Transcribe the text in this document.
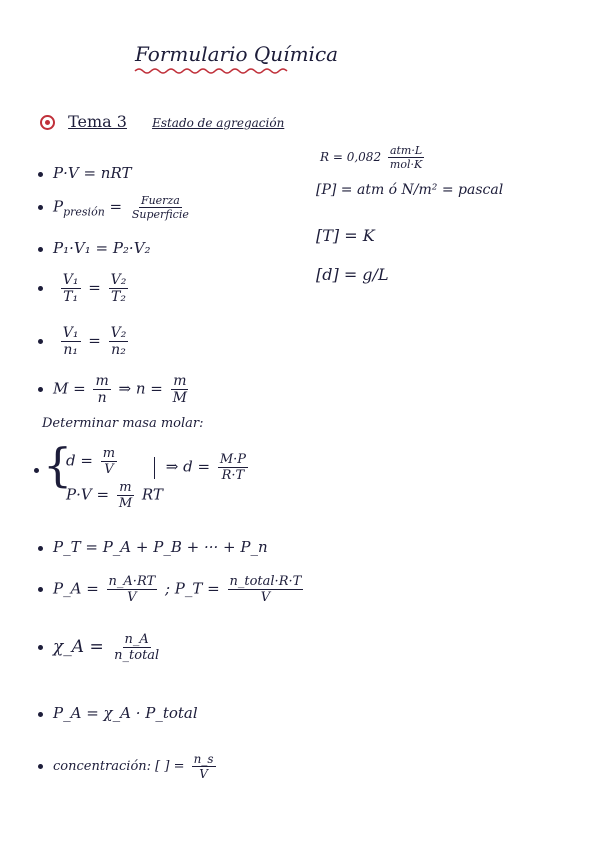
Formulario Química
Tema 3 Estado de agregación
P·V = nRT
$P_{presión} = \frac{\text{Fuerza}}{\text{Superficie}}$
P₁·V₁ = P₂·V₂

$\frac{\text{V₁}}{\text{T₁}} = \frac{\text{V₂}}{\text{T₂}}$

$\frac{\text{V₁}}{\text{n₁}} = \frac{\text{V₂}}{\text{n₂}}$
$M = \frac{m}{n}$ ⇒ $n = \frac{m}{M}$
Determinar masa molar:
{
$d = \frac{m}{V}$
$P\cdot V = \frac{m}{M}$ RT
⇒ $d = \frac{M\cdot P}{R\cdot T}$
P_T = P_A + P_B + ··· + P_n
P_A = $\frac{n\_A\cdot RT}{V}$ ; P_T = $\frac{\text{n\_total·R·T}}{V}$
χ_A = $\frac{n\_A}{\text{n\_total}}$
P_A = χ_A · P_total
concentración: [ ] = $\frac{n\_s}{V}$
$R = 0,082 \frac{\text{atm·L}}{\text{mol·K}}$
[P] = atm ó N/m² = pascal
[T] = K
[d] = g/L
